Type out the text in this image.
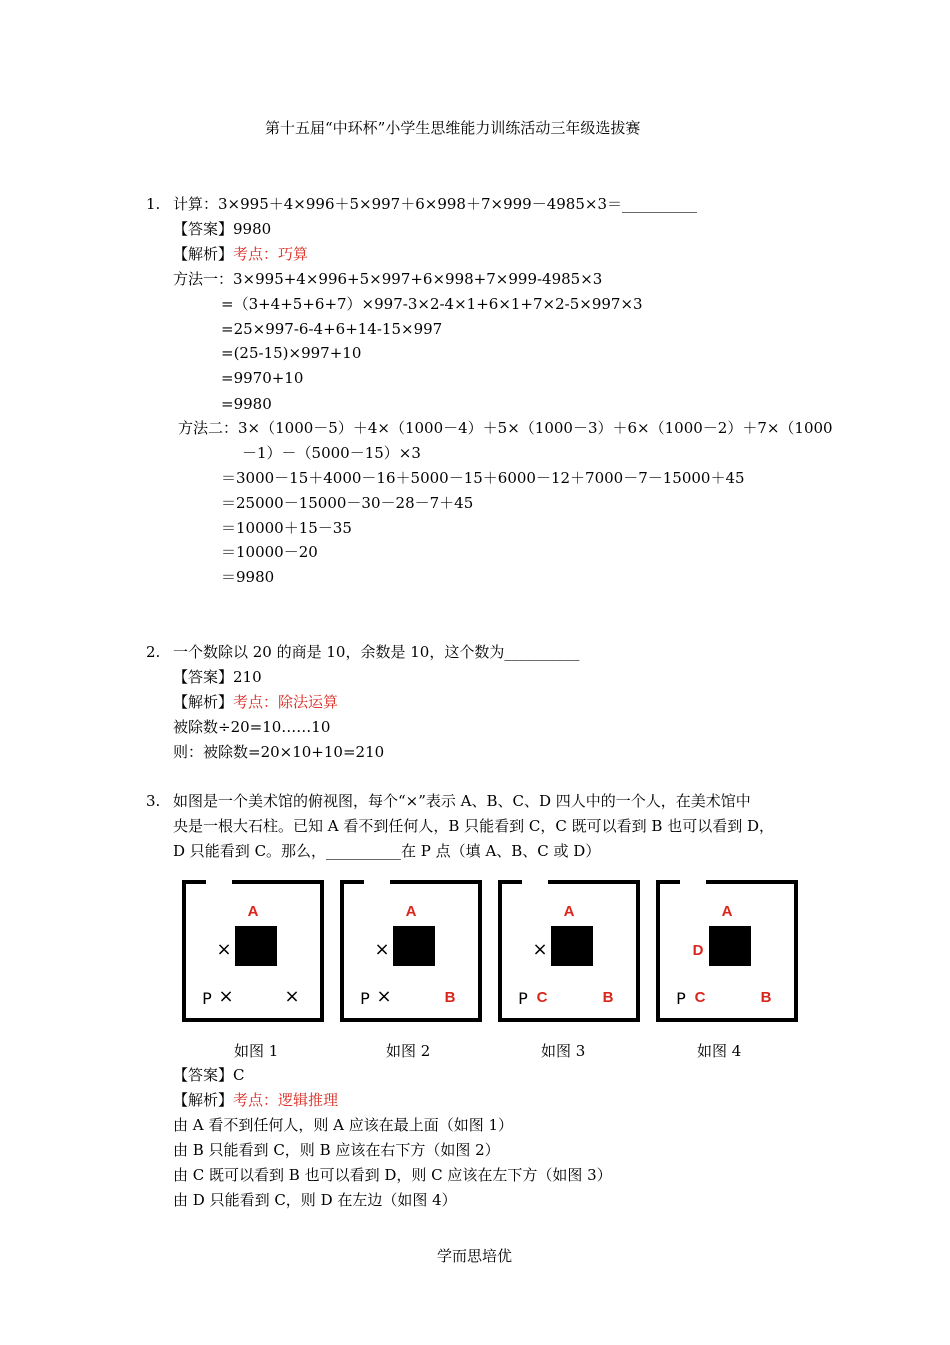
第十五届“中环杯”小学生思维能力训练活动三年级选拔赛
1. 计算：3×995＋4×996＋5×997＋6×998＋7×999－4985×3＝__________
【答案】9980
【解析】考点：巧算
方法一：3×995+4×996+5×997+6×998+7×999-4985×3
=（3+4+5+6+7）×997-3×2-4×1+6×1+7×2-5×997×3
=25×997-6-4+6+14-15×997
=(25-15)×997+10
=9970+10
=9980
方法二：3×（1000－5）＋4×（1000－4）＋5×（1000－3）＋6×（1000－2）＋7×（1000
－1）－（5000－15）×3
＝3000－15＋4000－16＋5000－15＋6000－12＋7000－7－15000＋45
＝25000－15000－30－28－7＋45
＝10000＋15－35
＝10000－20
＝9980
2. 一个数除以 20 的商是 10，余数是 10，这个数为__________
【答案】210
【解析】考点：除法运算
被除数÷20=10……10
则：被除数=20×10+10=210
3. 如图是一个美术馆的俯视图，每个“×”表示 A、B、C、D 四人中的一个人，在美术馆中
央是一根大石柱。已知 A 看不到任何人，B 只能看到 C，C 既可以看到 B 也可以看到 D，
D 只能看到 C。那么，__________在 P 点（填 A、B、C 或 D）
A
×
P ×	×
如图 1
A
×
P ×	B
如图 2
A
×
P C	B
如图 3
A
D
P C	B
如图 4
【答案】C
【解析】考点：逻辑推理
由 A 看不到任何人，则 A 应该在最上面（如图 1）
由 B 只能看到 C，则 B 应该在右下方（如图 2）
由 C 既可以看到 B 也可以看到 D，则 C 应该在左下方（如图 3）
由 D 只能看到 C，则 D 在左边（如图 4）
学而思培优
